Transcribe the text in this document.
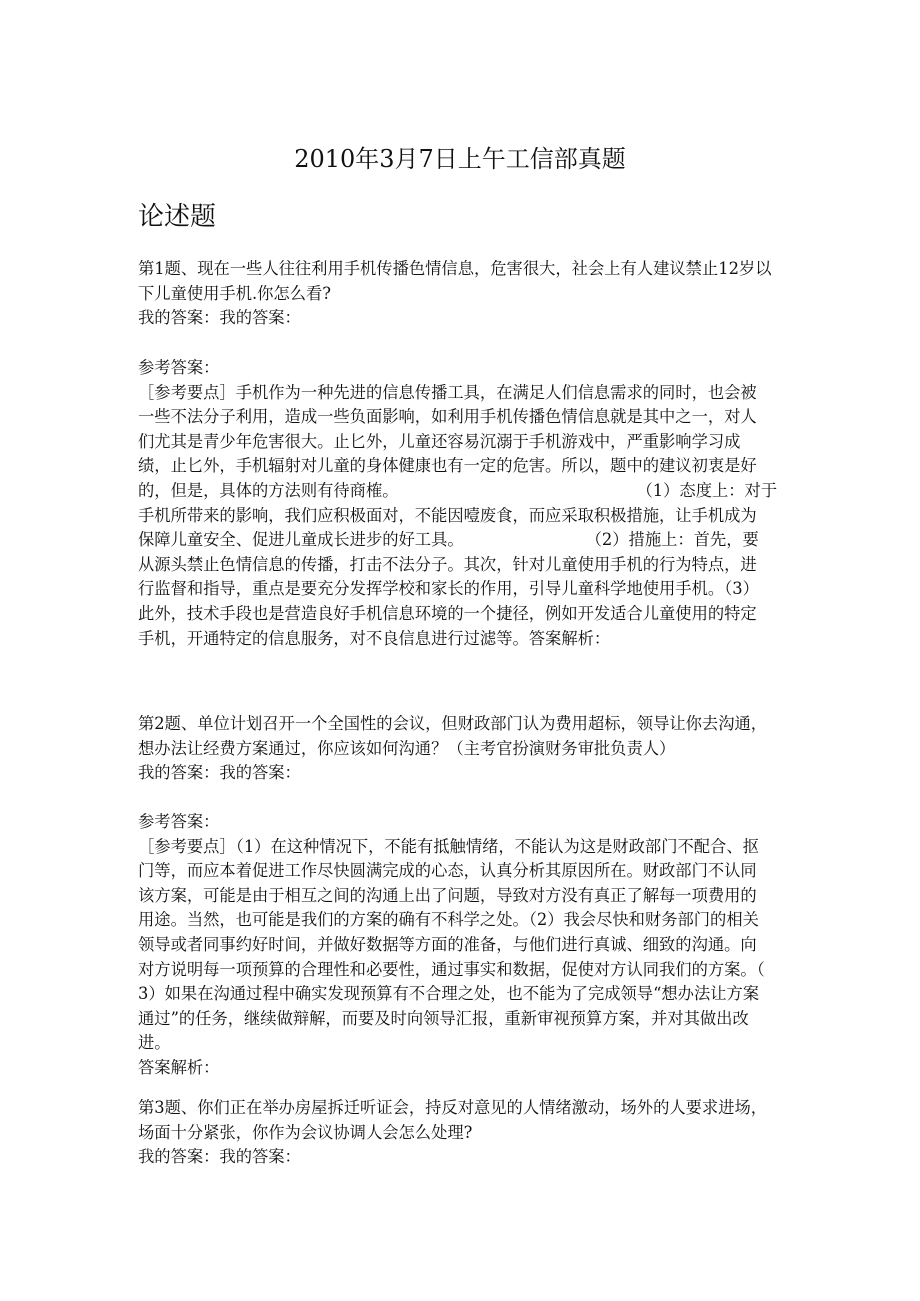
2010年3月7日上午工信部真题
论述题

第1题、现在一些人往往利用手机传播色情信息，危害很大，社会上有人建议禁止12岁以

下儿童使用手机.你怎么看?

我的答案：我的答案：

参考答案：

［参考要点］手机作为一种先进的信息传播工具，在满足人们信息需求的同时，也会被

一些不法分子利用，造成一些负面影响，如利用手机传播色情信息就是其中之一，对人

们尤其是青少年危害很大。止匕外，儿童还容易沉溺于手机游戏中，严重影响学习成

绩，止匕外，手机辐射对儿童的身体健康也有一定的危害。所以，题中的建议初衷是好

的，但是，具体的方法则有待商榷。	（1）态度上：对于

手机所带来的影响，我们应积极面对，不能因噎废食，而应采取积极措施，让手机成为

保障儿童安全、促进儿童成长进步的好工具。	（2）措施上：首先，要

从源头禁止色情信息的传播，打击不法分子。其次，针对儿童使用手机的行为特点，进

行监督和指导，重点是要充分发挥学校和家长的作用，引导儿童科学地使用手机。（3）

此外，技术手段也是营造良好手机信息环境的一个捷径，例如开发适合儿童使用的特定

手机，开通特定的信息服务，对不良信息进行过滤等。答案解析：

第2题、单位计划召开一个全国性的会议，但财政部门认为费用超标，领导让你去沟通，

想办法让经费方案通过，你应该如何沟通？（主考官扮演财务审批负责人）

我的答案：我的答案：

参考答案：

［参考要点］（1）在这种情况下，不能有抵触情绪，不能认为这是财政部门不配合、抠

门等，而应本着促进工作尽快圆满完成的心态，认真分析其原因所在。财政部门不认同

该方案，可能是由于相互之间的沟通上出了问题，导致对方没有真正了解每一项费用的

用途。当然，也可能是我们的方案的确有不科学之处。（2）我会尽快和财务部门的相关

领导或者同事约好时间，并做好数据等方面的准备，与他们进行真诚、细致的沟通。向

对方说明每一项预算的合理性和必要性，通过事实和数据，促使对方认同我们的方案。（

3）如果在沟通过程中确实发现预算有不合理之处，也不能为了完成领导“想办法让方案

通过”的任务，继续做辩解，而要及时向领导汇报，重新审视预算方案，并对其做出改

进。

答案解析：

第3题、你们正在举办房屋拆迁听证会，持反对意见的人情绪激动，场外的人要求进场，

场面十分紧张，你作为会议协调人会怎么处理?

我的答案：我的答案：
